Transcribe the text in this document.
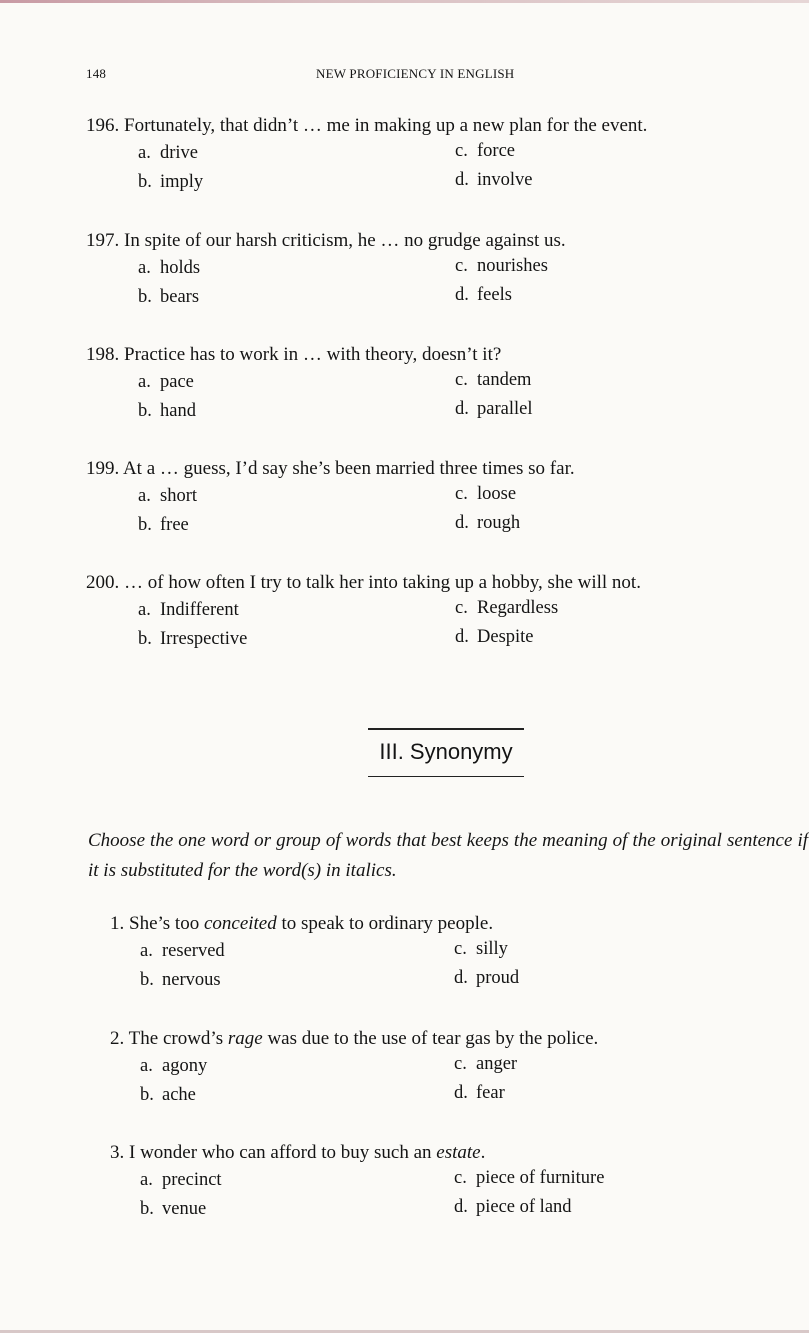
148	NEW PROFICIENCY IN ENGLISH
196. Fortunately, that didn’t … me in making up a new plan for the event.
a. drive
b. imply
c. force
d. involve
197. In spite of our harsh criticism, he … no grudge against us.
a. holds
b. bears
c. nourishes
d. feels
198. Practice has to work in … with theory, doesn’t it?
a. pace
b. hand
c. tandem
d. parallel
199. At a … guess, I’d say she’s been married three times so far.
a. short
b. free
c. loose
d. rough
200. … of how often I try to talk her into taking up a hobby, she will not.
a. Indifferent
b. Irrespective
c. Regardless
d. Despite
III. Synonymy
Choose the one word or group of words that best keeps the meaning of the original sentence if it is substituted for the word(s) in italics.
1. She’s too conceited to speak to ordinary people.
a. reserved
b. nervous
c. silly
d. proud
2. The crowd’s rage was due to the use of tear gas by the police.
a. agony
b. ache
c. anger
d. fear
3. I wonder who can afford to buy such an estate.
a. precinct
b. venue
c. piece of furniture
d. piece of land
